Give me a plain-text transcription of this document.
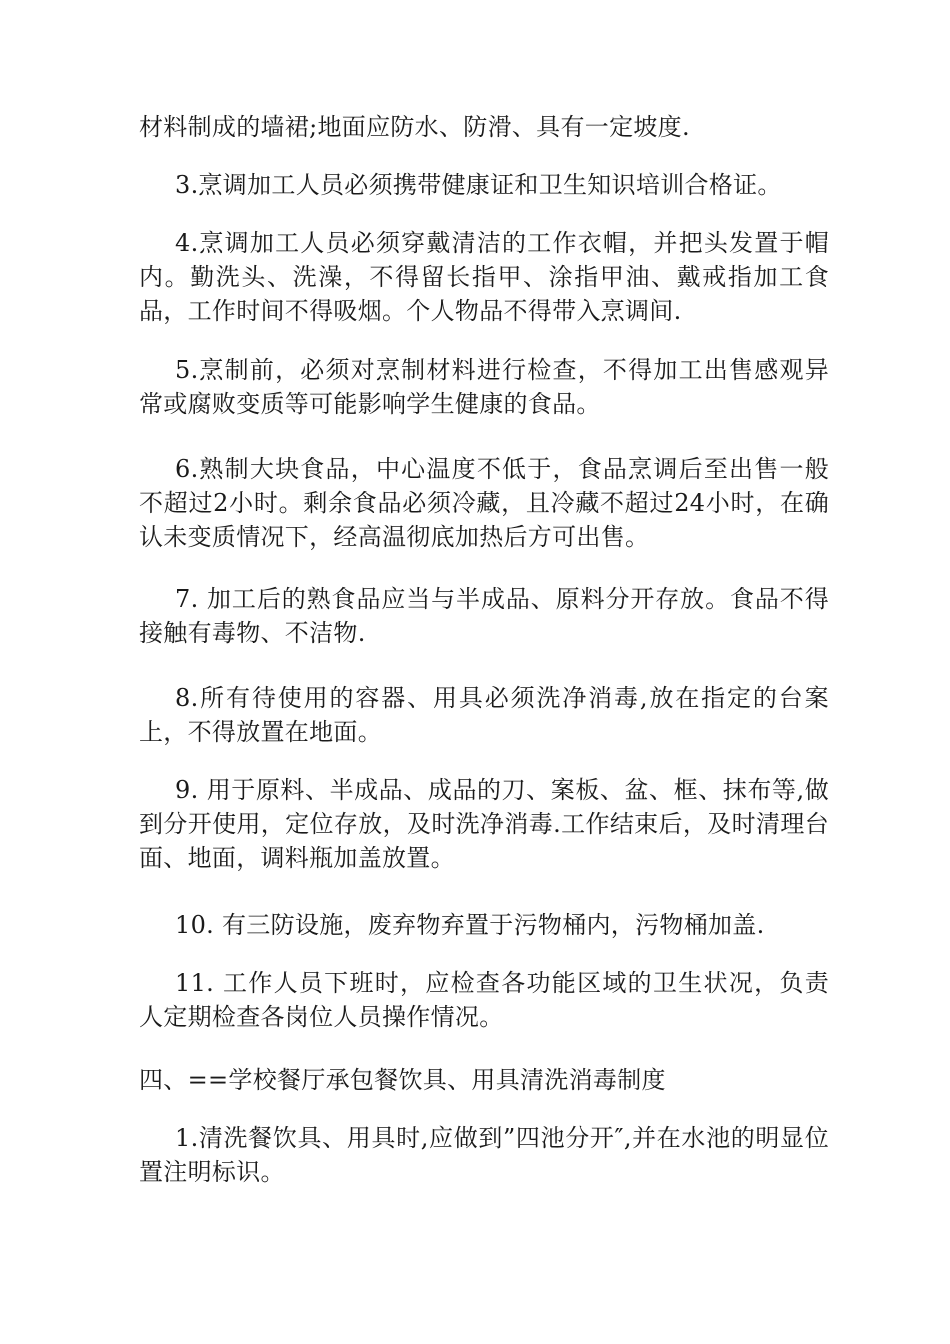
材料制成的墙裙;地面应防水、防滑、具有一定坡度.

3.烹调加工人员必须携带健康证和卫生知识培训合格证。

4.烹调加工人员必须穿戴清洁的工作衣帽，并把头发置于帽内。勤洗头、洗澡，不得留长指甲、涂指甲油、戴戒指加工食品，工作时间不得吸烟。个人物品不得带入烹调间.

5.烹制前，必须对烹制材料进行检查，不得加工出售感观异常或腐败变质等可能影响学生健康的食品。

6.熟制大块食品，中心温度不低于，食品烹调后至出售一般不超过2小时。剩余食品必须冷藏，且冷藏不超过24小时，在确认未变质情况下，经高温彻底加热后方可出售。

7. 加工后的熟食品应当与半成品、原料分开存放。食品不得接触有毒物、不洁物.

8.所有待使用的容器、用具必须洗净消毒,放在指定的台案上，不得放置在地面。

9. 用于原料、半成品、成品的刀、案板、盆、框、抹布等,做到分开使用，定位存放，及时洗净消毒.工作结束后，及时清理台面、地面，调料瓶加盖放置。

10. 有三防设施，废弃物弃置于污物桶内，污物桶加盖.

11. 工作人员下班时，应检查各功能区域的卫生状况，负责人定期检查各岗位人员操作情况。

四、==学校餐厅承包餐饮具、用具清洗消毒制度

1.清洗餐饮具、用具时,应做到”四池分开″,并在水池的明显位置注明标识。
